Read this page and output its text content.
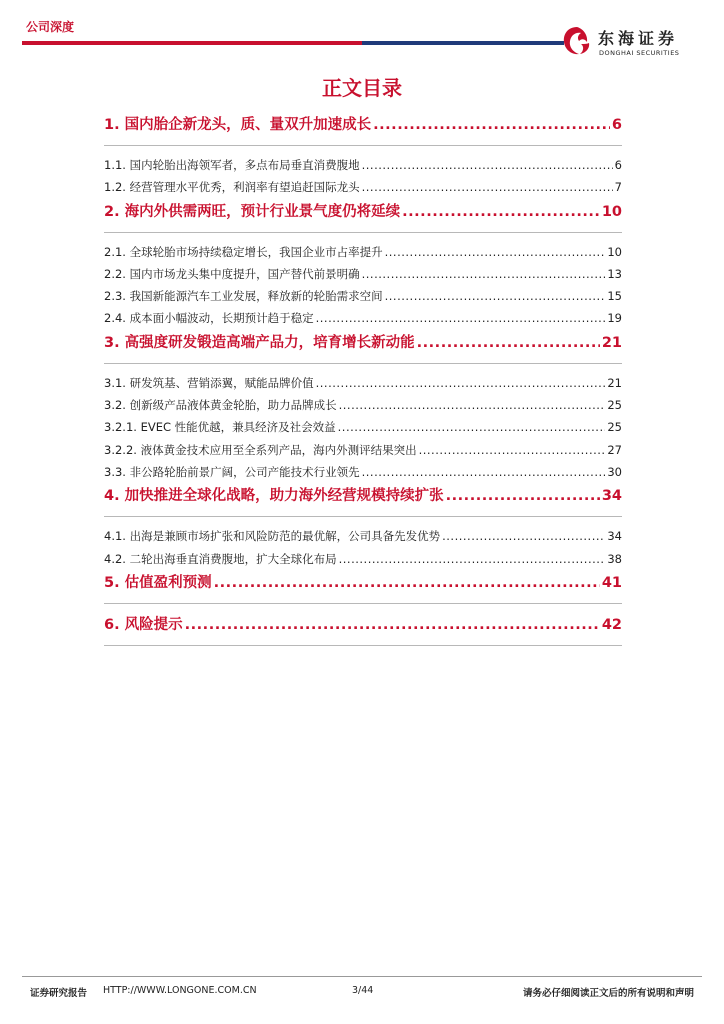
公司深度
东海证券
DONGHAI SECURITIES
正文目录
1. 国内胎企新龙头，质、量双升加速成长 .....	6
1.1. 国内轮胎出海领军者，多点布局垂直消费腹地 .....	6
1.2. 经营管理水平优秀，利润率有望追赶国际龙头 .....	7
2. 海内外供需两旺，预计行业景气度仍将延续 .....	10
2.1. 全球轮胎市场持续稳定增长，我国企业市占率提升 .....	10
2.2. 国内市场龙头集中度提升，国产替代前景明确 .....	13
2.3. 我国新能源汽车工业发展，释放新的轮胎需求空间 .....	15
2.4. 成本面小幅波动，长期预计趋于稳定 .....	19
3. 高强度研发锻造高端产品力，培育增长新动能 .....	21
3.1. 研发筑基、营销添翼，赋能品牌价值 .....	21
3.2. 创新级产品液体黄金轮胎，助力品牌成长 .....	25
3.2.1. EVEC 性能优越，兼具经济及社会效益 .....	25
3.2.2. 液体黄金技术应用至全系列产品，海内外测评结果突出 .....	27
3.3. 非公路轮胎前景广阔，公司产能技术行业领先 .....	30
4. 加快推进全球化战略，助力海外经营规模持续扩张 .....	34
4.1. 出海是兼顾市场扩张和风险防范的最优解，公司具备先发优势 .....	34
4.2. 二轮出海垂直消费腹地，扩大全球化布局 .....	38
5. 估值盈利预测 .....	41
6. 风险提示 .....	42
证券研究报告 HTTP://WWW.LONGONE.COM.CN	3/44	请务必仔细阅读正文后的所有说明和声明
